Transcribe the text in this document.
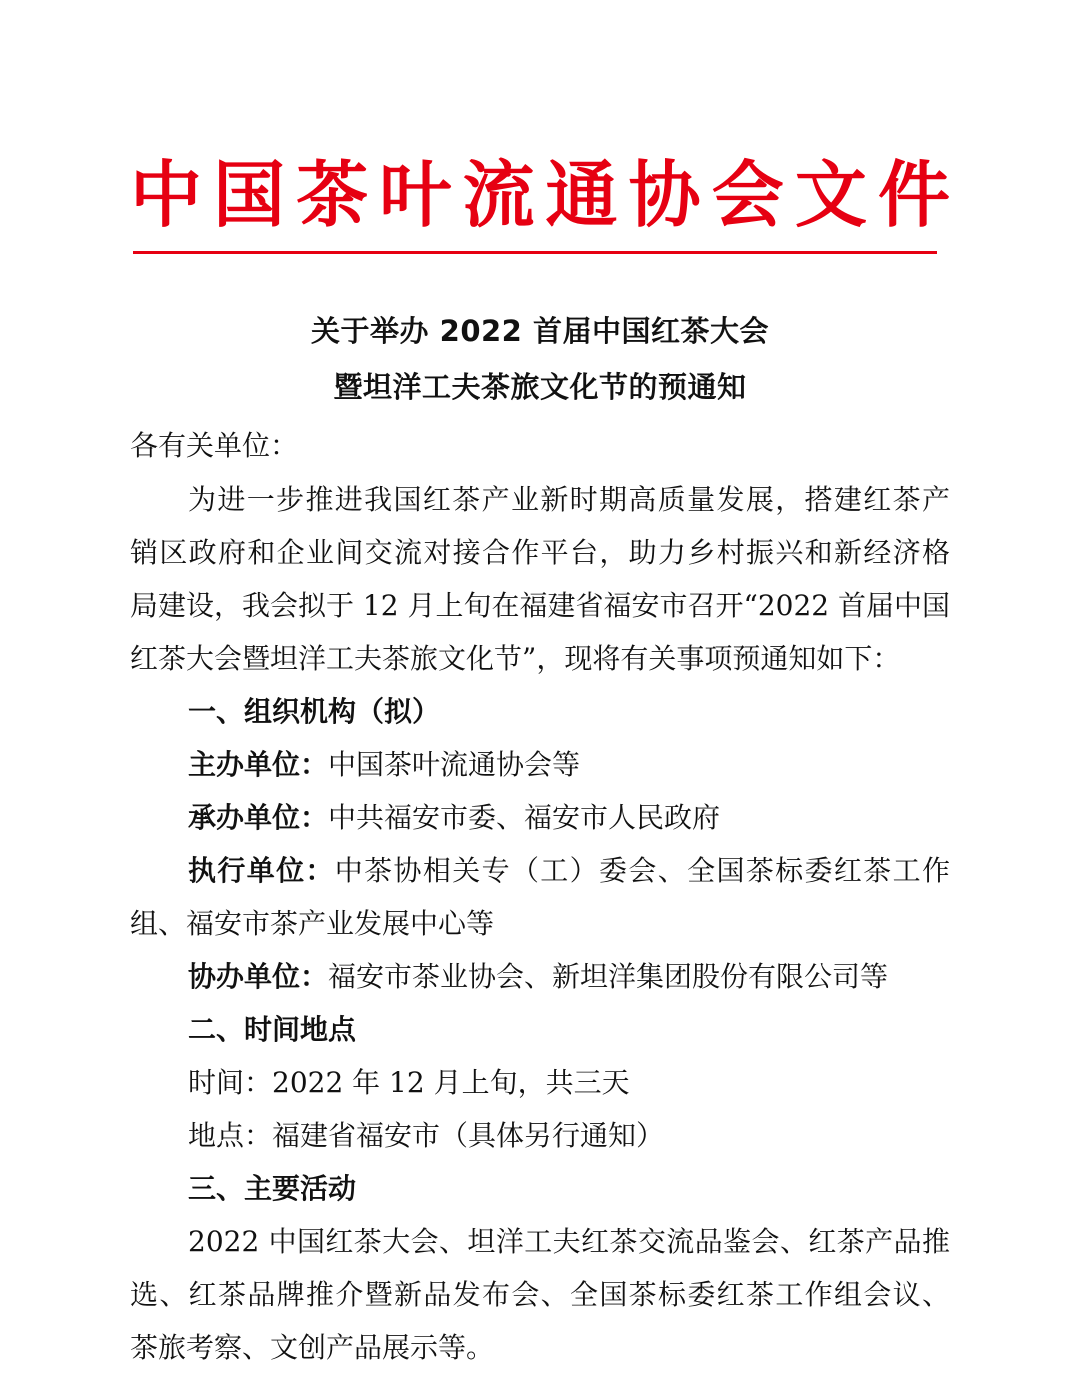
中国茶叶流通协会文件
关于举办 2022 首届中国红茶大会
暨坦洋工夫茶旅文化节的预通知
各有关单位：
为进一步推进我国红茶产业新时期高质量发展，搭建红茶产
销区政府和企业间交流对接合作平台，助力乡村振兴和新经济格
局建设，我会拟于 12 月上旬在福建省福安市召开“2022 首届中国
红茶大会暨坦洋工夫茶旅文化节”，现将有关事项预通知如下：
一、组织机构（拟）
主办单位：中国茶叶流通协会等
承办单位：中共福安市委、福安市人民政府
执行单位：中茶协相关专（工）委会、全国茶标委红茶工作
组、福安市茶产业发展中心等
协办单位：福安市茶业协会、新坦洋集团股份有限公司等
二、时间地点
时间：2022 年 12 月上旬，共三天
地点：福建省福安市（具体另行通知）
三、主要活动
2022 中国红茶大会、坦洋工夫红茶交流品鉴会、红茶产品推
选、红茶品牌推介暨新品发布会、全国茶标委红茶工作组会议、
茶旅考察、文创产品展示等。
